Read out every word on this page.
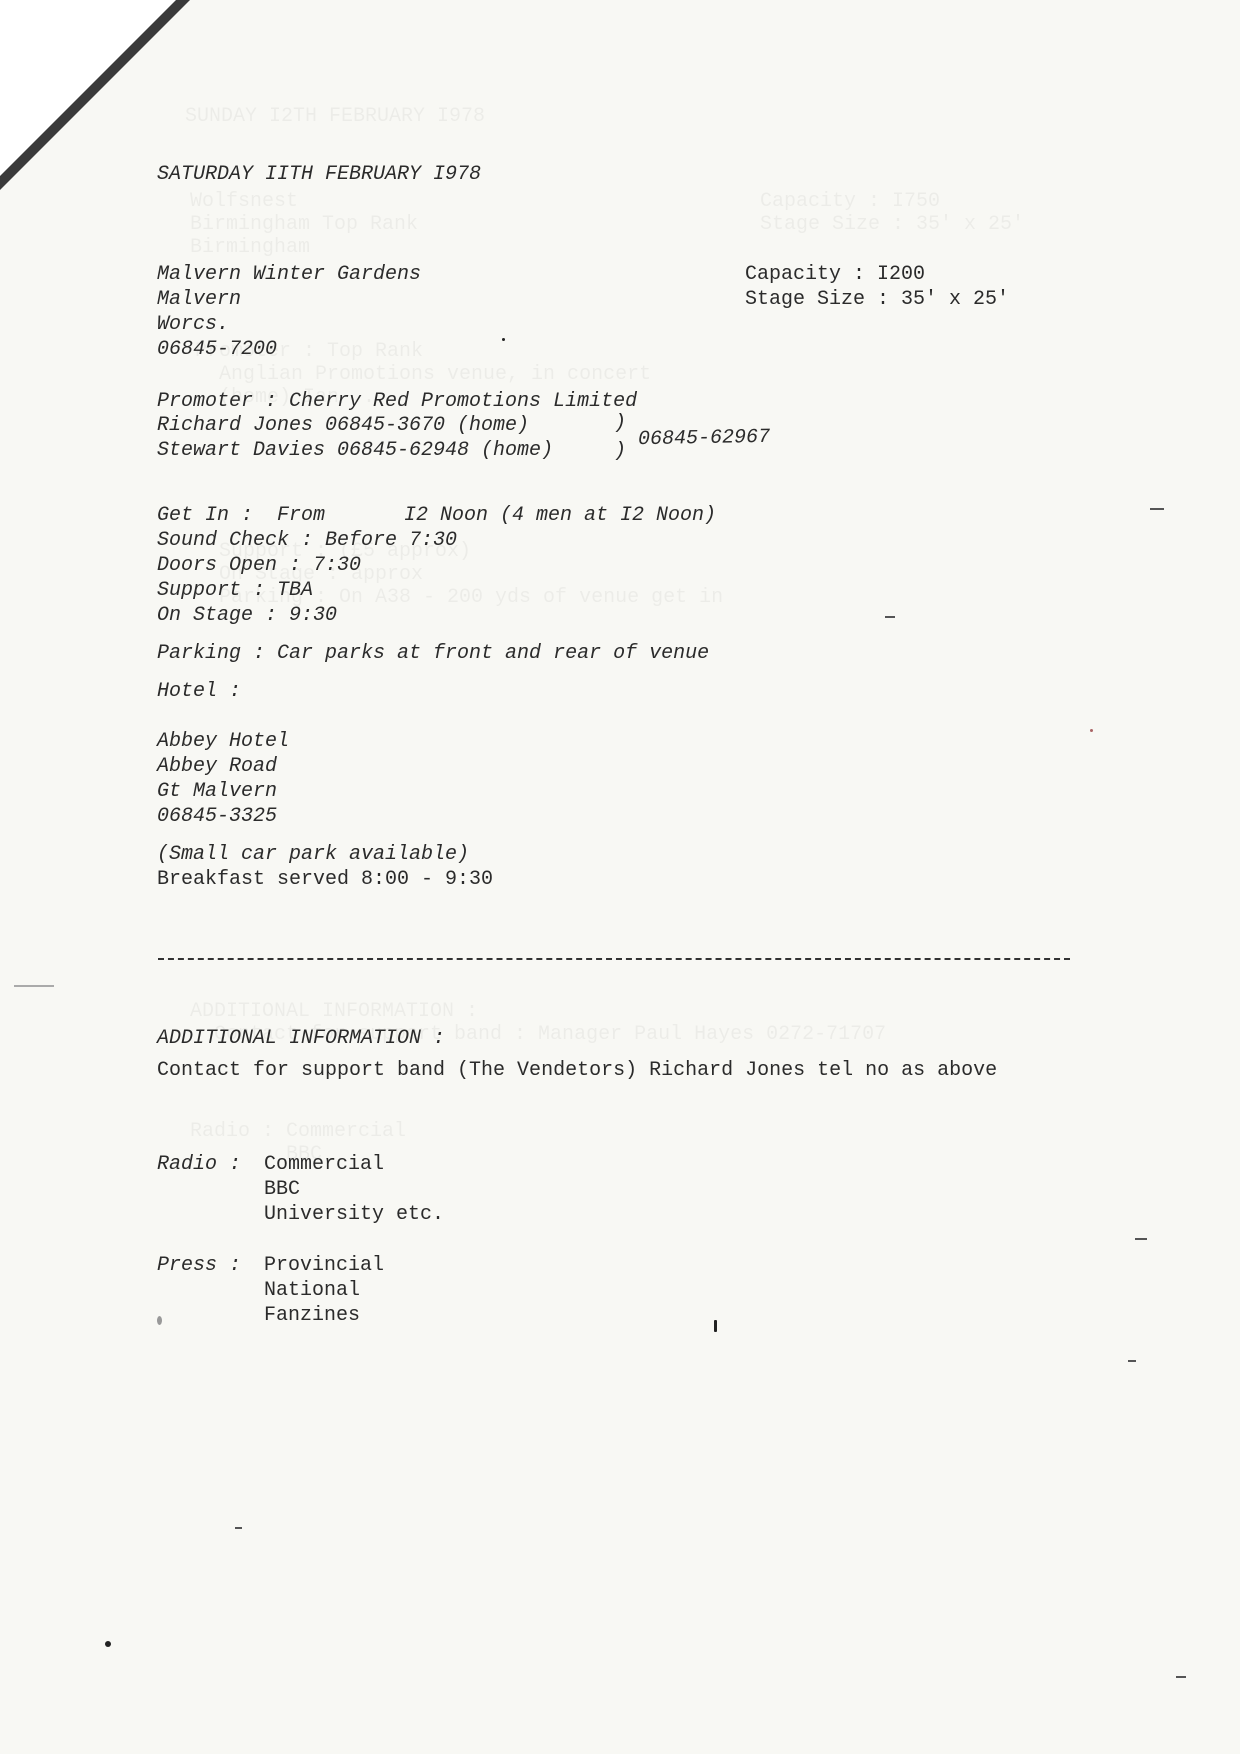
SATURDAY IITH FEBRUARY I978
Malvern Winter Gardens
Malvern
Worcs.
06845-7200
Capacity : I200
Stage Size : 35' x 25'
Promoter : Cherry Red Promotions Limited
Richard Jones 06845-3670 (home)
Stewart Davies 06845-62948 (home)
)
)
06845-62967
Get In :  From	I2 Noon (4 men at I2 Noon)
Sound Check : Before 7:30
Doors Open : 7:30
Support : TBA
On Stage : 9:30
Parking : Car parks at front and rear of venue
Hotel :
Abbey Hotel
Abbey Road
Gt Malvern
06845-3325
(Small car park available)
Breakfast served 8:00 - 9:30
ADDITIONAL INFORMATION :
Contact for support band (The Vendetors) Richard Jones tel no as above
Radio : Commercial
BBC
University etc.
Press : Provincial
National
Fanzines
